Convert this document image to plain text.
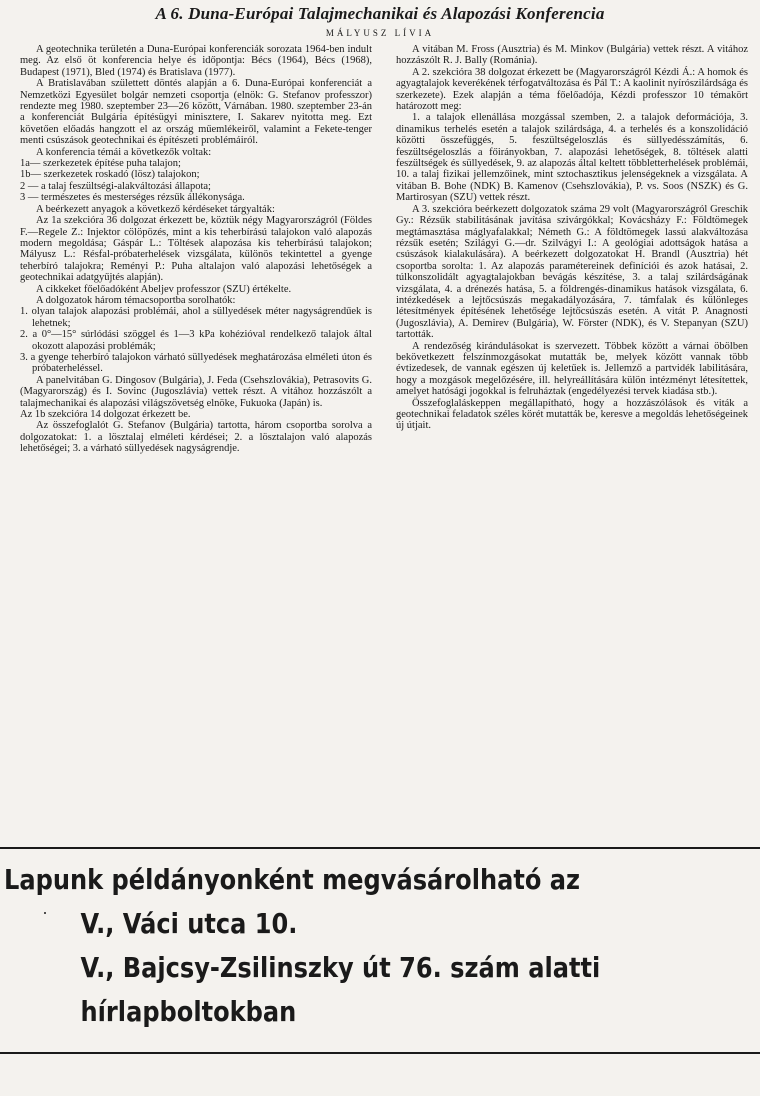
A 6. Duna-Európai Talajmechanikai és Alapozási Konferencia
MÁLYUSZ LÍVIA

A geotechnika területén a Duna-Európai konferenciák sorozata 1964-ben indult meg. Az első öt konferencia helye és időpontja: Bécs (1964), Bécs (1968), Budapest (1971), Bled (1974) és Bratislava (1977).

A Bratislavában születtett döntés alapján a 6. Duna-Európai konferenciát a Nemzetközi Egyesület bolgár nemzeti csoportja (elnök: G. Stefanov professzor) rendezte meg 1980. szeptember 23—26 között, Várnában. 1980. szeptember 23-án a konferenciát Bulgária építésügyi minisztere, I. Sakarev nyitotta meg. Ezt követően előadás hangzott el az ország műemlékeiről, valamint a Fekete-tenger menti csúszások geotechnikai és építészeti problémáiról.

A konferencia témái a következők voltak:

1a— szerkezetek építése puha talajon;

1b— szerkezetek roskadó (lösz) talajokon;

2 — a talaj feszültségi-alakváltozási állapota;

3 — természetes és mesterséges rézsűk állékonysága.

A beérkezett anyagok a következő kérdéseket tárgyalták:

Az 1a szekcióra 36 dolgozat érkezett be, köztük négy Magyarországról (Földes F.—Regele Z.: Injektor cölöpözés, mint a kis teherbírású talajokon való alapozás modern megoldása; Gáspár L.: Töltések alapozása kis teherbírású talajokon; Mályusz L.: Résfal-próbaterhelések vizsgálata, különös tekintettel a gyenge teherbíró talajokra; Reményi P.: Puha altalajon való alapozási lehetőségek a geotechnikai adatgyűjtés alapján).

A cikkeket főelőadóként Abeljev professzor (SZU) értékelte.

A dolgozatok három témacsoportba sorolhatók:

1. olyan talajok alapozási problémái, ahol a süllyedések méter nagyságrendűek is lehetnek;

2. a 0°—15° súrlódási szöggel és 1—3 kPa kohézióval rendelkező talajok által okozott alapozási problémák;

3. a gyenge teherbíró talajokon várható süllyedések meghatározása elméleti úton és próbaterheléssel.

A panelvitában G. Dingosov (Bulgária), J. Feda (Csehszlovákia), Petrasovits G. (Magyarország) és I. Sovinc (Jugoszlávia) vettek részt. A vitához hozzászólt a talajmechanikai és alapozási világszövetség elnöke, Fukuoka (Japán) is.

Az 1b szekcióra 14 dolgozat érkezett be.

Az összefoglalót G. Stefanov (Bulgária) tartotta, három csoportba sorolva a dolgozatokat: 1. a lösztalaj elméleti kérdései; 2. a lösztalajon való alapozás lehetőségei; 3. a várható süllyedések nagyságrendje.

A vitában M. Fross (Ausztria) és M. Minkov (Bulgária) vettek részt. A vitához hozzászólt R. J. Bally (Románia).

A 2. szekcióra 38 dolgozat érkezett be (Magyarországról Kézdi Á.: A homok és agyagtalajok keverékének térfogatváltozása és Pál T.: A kaolinit nyírószilárdsága és szerkezete). Ezek alapján a téma főelőadója, Kézdi professzor 10 témakört határozott meg:

1. a talajok ellenállása mozgással szemben, 2. a talajok deformációja, 3. dinamikus terhelés esetén a talajok szilárdsága, 4. a terhelés és a konszolidáció közötti összefüggés, 5. feszültségeloszlás és süllyedésszámítás, 6. feszültségeloszlás a főirányokban, 7. alapozási lehetőségek, 8. töltések alatti feszültségek és süllyedések, 9. az alapozás által keltett többletterhelések problémái, 10. a talaj fizikai jellemzőinek, mint sztochasztikus jelenségeknek a vizsgálata. A vitában B. Bohe (NDK) B. Kamenov (Csehszlovákia), P. vs. Soos (NSZK) és G. Martirosyan (SZU) vettek részt.

A 3. szekcióra beérkezett dolgozatok száma 29 volt (Magyarországról Greschik Gy.: Rézsűk stabilitásának javítása szivárgókkal; Kovácsházy F.: Földtömegek megtámasztása máglyafalakkal; Németh G.: A földtömegek lassú alakváltozása rézsűk esetén; Szilágyi G.—dr. Szilvágyi I.: A geológiai adottságok hatása a csúszások kialakulására). A beérkezett dolgozatokat H. Brandl (Ausztria) hét csoportba sorolta: 1. Az alapozás paramétereinek definíciói és azok hatásai, 2. túlkonszolidált agyagtalajokban bevágás készítése, 3. a talaj szilárdságának vizsgálata, 4. a drénezés hatása, 5. a földrengés-dinamikus hatások vizsgálata, 6. intézkedések a lejtőcsúszás megakadályozására, 7. támfalak és különleges létesítmények építésének lehetősége lejtőcsúszás esetén. A vitát P. Anagnosti (Jugoszlávia), A. Demirev (Bulgária), W. Förster (NDK), és V. Stepanyan (SZU) tartották.

A rendezőség kirándulásokat is szervezett. Többek között a várnai öbölben bekövetkezett felszínmozgásokat mutatták be, melyek között vannak több évtizedesek, de vannak egészen új keletűek is. Jellemző a partvidék labilitására, hogy a mozgások megelőzésére, ill. helyreállítására külön intézményt létesítettek, amelyet hatósági jogokkal is felruháztak (engedélyezési tervek kiadása stb.).

Összefoglaláskeppen megállapítható, hogy a hozzászólások és viták a geotechnikai feladatok széles körét mutatták be, keresve a megoldás lehetőségeinek új útjait.

Lapunk példányonként megvásárolható az
V., Váci utca 10.
V., Bajcsy-Zsilinszky út 76. szám alatti
hírlapboltokban
